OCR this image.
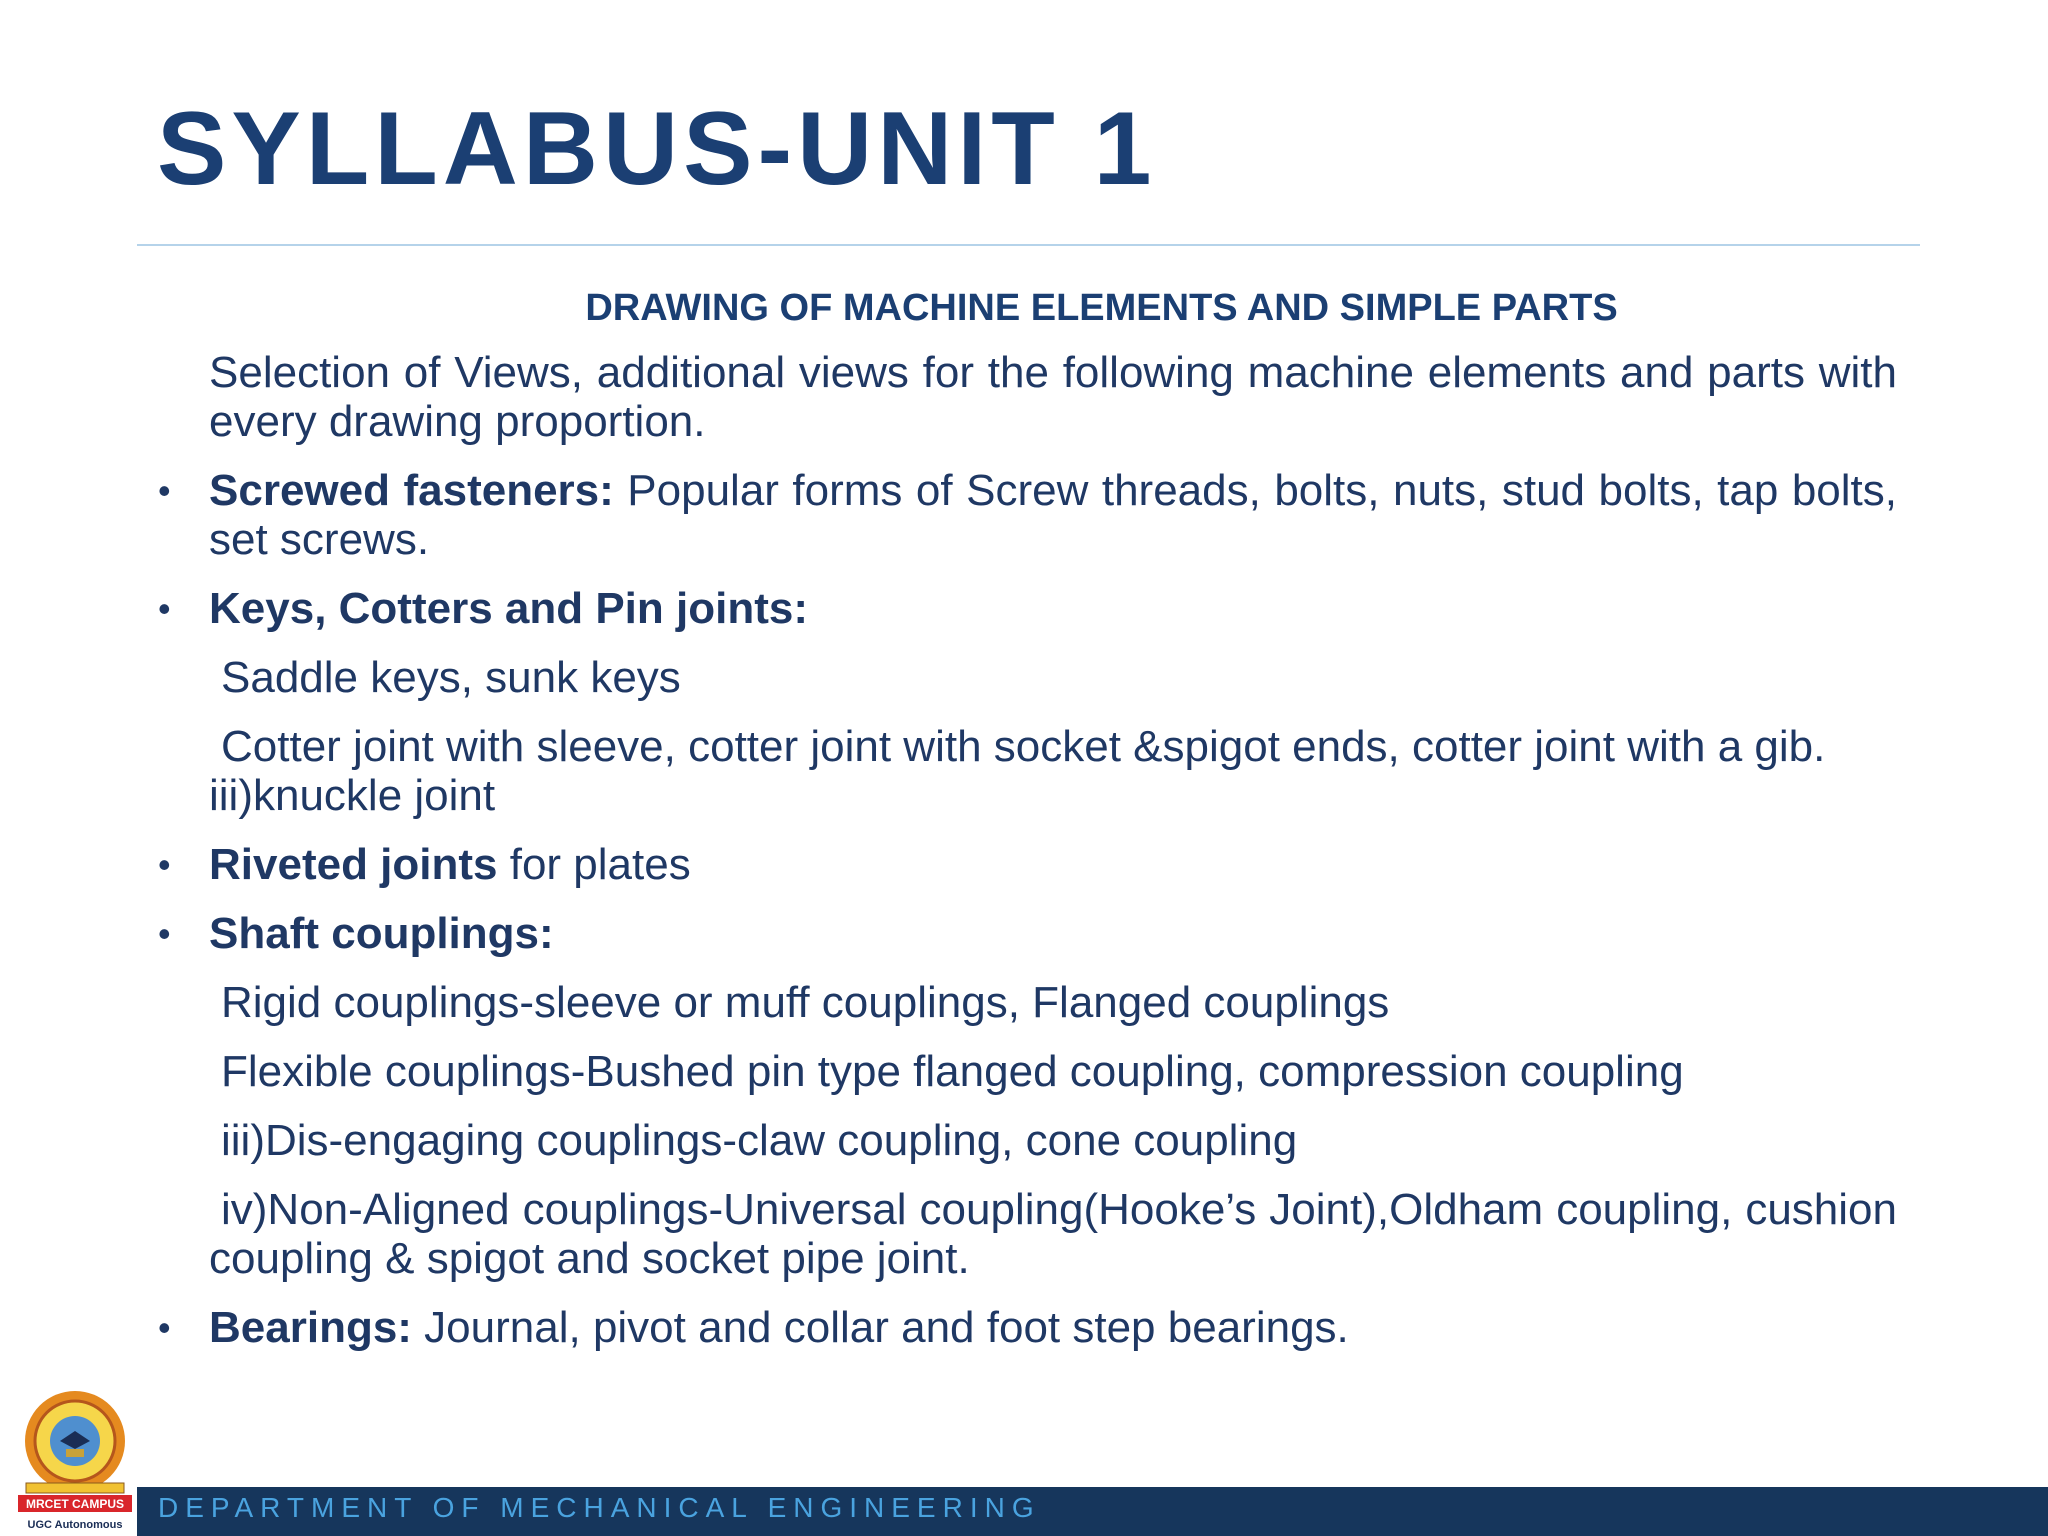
SYLLABUS-UNIT 1

DRAWING OF MACHINE ELEMENTS AND SIMPLE PARTS

Selection of Views, additional views for the following machine elements and parts with every drawing proportion.

• Screwed fasteners: Popular forms of Screw threads, bolts, nuts, stud bolts, tap bolts, set screws.

• Keys, Cotters and Pin joints:

Saddle keys, sunk keys

Cotter joint with sleeve, cotter joint with socket &spigot ends, cotter joint with a gib.
iii)knuckle joint

• Riveted joints for plates

• Shaft couplings:

Rigid couplings-sleeve or muff couplings, Flanged couplings

Flexible couplings-Bushed pin type flanged coupling, compression coupling

iii)Dis-engaging couplings-claw coupling, cone coupling

iv)Non-Aligned couplings-Universal coupling(Hooke’s Joint),Oldham coupling, cushion coupling & spigot and socket pipe joint.

• Bearings: Journal, pivot and collar and foot step bearings.

MRCET CAMPUS
UGC Autonomous
DEPARTMENT OF MECHANICAL ENGINEERING
